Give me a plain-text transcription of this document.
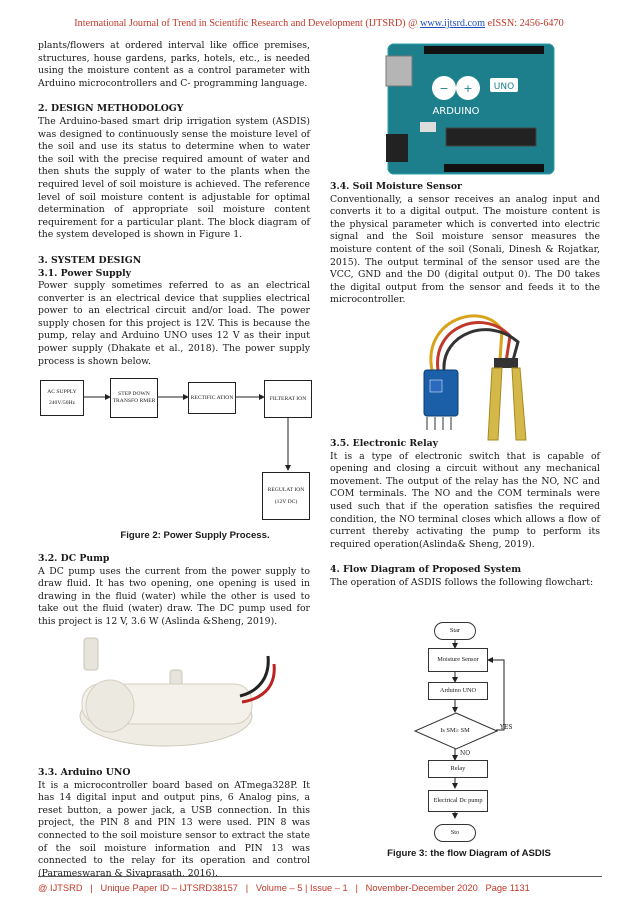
International Journal of Trend in Scientific Research and Development (IJTSRD) @ www.ijtsrd.com eISSN: 2456-6470

plants/flowers at ordered interval like office premises, structures, house gardens, parks, hotels, etc., is needed using the moisture content as a control parameter with Arduino microcontrollers and C- programming language.

2. DESIGN METHODOLOGY

The Arduino-based smart drip irrigation system (ASDIS) was designed to continuously sense the moisture level of the soil and use its status to determine when to water the soil with the precise required amount of water and then shuts the supply of water to the plants when the required level of soil moisture is achieved. The reference level of soil moisture content is adjustable for optimal determination of appropriate soil moisture content requirement for a particular plant. The block diagram of the system developed is shown in Figure 1.

3. SYSTEM DESIGN

3.1. Power Supply

Power supply sometimes referred to as an electrical converter is an electrical device that supplies electrical power to an electrical circuit and/or load. The power supply chosen for this project is 12V. This is because the pump, relay and Arduino UNO uses 12 V as their input power supply (Dhakate et al., 2018). The power supply process is shown below.

AC SUPPLY
240V/50Hz
STEP DOWN TRANSFO RMER
RECTIFIC ATION	FILTERAT ION
REGULAT ION
(12V DC)
Figure 2: Power Supply Process.

3.2. DC Pump

A DC pump uses the current from the power supply to draw fluid. It has two opening, one opening is used in drawing in the fluid (water) while the other is used to take out the fluid (water) draw. The DC pump used for this project is 12 V, 3.6 W (Aslinda &Sheng, 2019).

3.3. Arduino UNO

It is a microcontroller board based on ATmega328P. It has 14 digital input and output pins, 6 Analog pins, a reset button, a power jack, a USB connection. In this project, the PIN 8 and PIN 13 were used. PIN 8 was connected to the soil moisture sensor to extract the state of the soil moisture information and PIN 13 was connected to the relay for its operation and control (Parameswaran & Sivaprasath, 2016).

− +
ARDUINO
UNO

3.4. Soil Moisture Sensor

Conventionally, a sensor receives an analog input and converts it to a digital output. The moisture content is the physical parameter which is converted into electric signal and the Soil moisture sensor measures the moisture content of the soil (Sonali, Dinesh & Rojatkar, 2015). The output terminal of the sensor used are the VCC, GND and the D0 (digital output 0). The D0 takes the digital output from the sensor and feeds it to the microcontroller.

3.5. Electronic Relay

It is a type of electronic switch that is capable of opening and closing a circuit without any mechanical movement. The output of the relay has the NO, NC and COM terminals. The NO and the COM terminals were used such that if the operation satisfies the required condition, the NO terminal closes which allows a flow of current thereby activating the pump to perform its required operation(Aslinda& Sheng, 2019).

4. Flow Diagram of Proposed System

The operation of ASDIS follows the following flowchart:

Star
Moisture Sensor
Arduino UNO
Is SM≥ SM	YES
NO
Relay
Electrical Dc pump
Sto
Figure 3: the flow Diagram of ASDIS
@ IJTSRD   |   Unique Paper ID – IJTSRD38157   |   Volume – 5 | Issue – 1   |   November-December 2020 Page 1131
